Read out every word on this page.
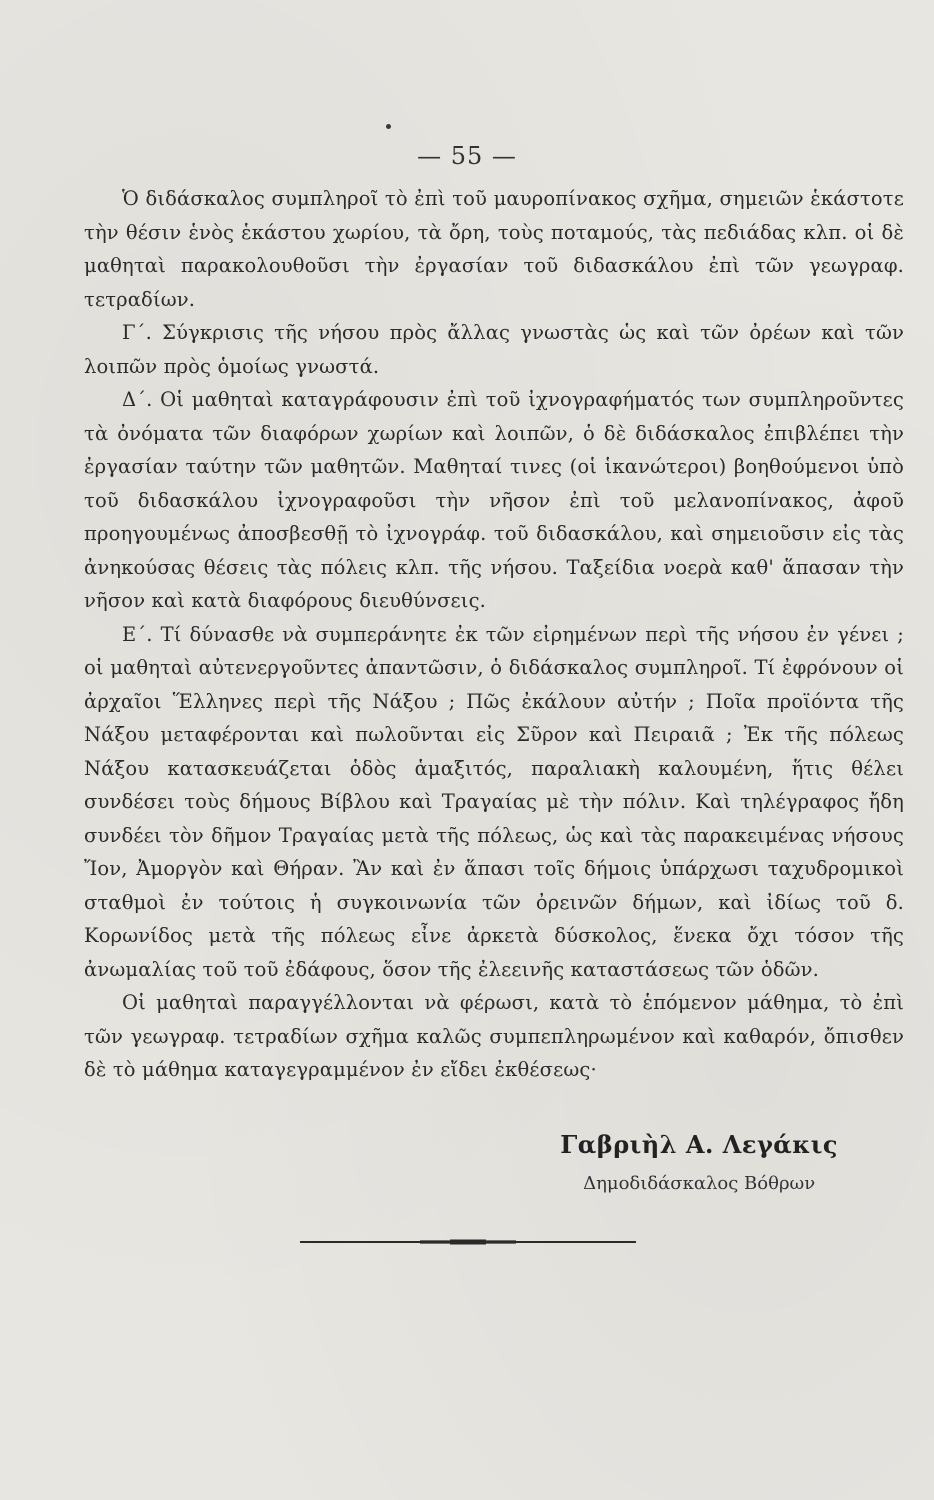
— 55 —

Ὁ διδάσκαλος συμπληροῖ τὸ ἐπὶ τοῦ μαυροπίνακος σχῆμα, σημειῶν ἑκάστοτε τὴν θέσιν ἑνὸς ἑκάστου χωρίου, τὰ ὄρη, τοὺς ποταμούς, τὰς πεδιάδας κλπ. οἱ δὲ μαθηταὶ παρακολουθοῦσι τὴν ἐργασίαν τοῦ διδασκάλου ἐπὶ τῶν γεωγραφ. τετραδίων.

Γ΄. Σύγκρισις τῆς νήσου πρὸς ἄλλας γνωστὰς ὡς καὶ τῶν ὀρέων καὶ τῶν λοιπῶν πρὸς ὁμοίως γνωστά.

Δ΄. Οἱ μαθηταὶ καταγράφουσιν ἐπὶ τοῦ ἰχνογραφήματός των συμπληροῦντες τὰ ὀνόματα τῶν διαφόρων χωρίων καὶ λοιπῶν, ὁ δὲ διδάσκαλος ἐπιβλέπει τὴν ἐργασίαν ταύτην τῶν μαθητῶν. Μαθηταί τινες (οἱ ἱκανώτεροι) βοηθούμενοι ὑπὸ τοῦ διδασκάλου ἰχνογραφοῦσι τὴν νῆσον ἐπὶ τοῦ μελανοπίνακος, ἀφοῦ προηγουμένως ἀποσβεσθῇ τὸ ἰχνογράφ. τοῦ διδασκάλου, καὶ σημειοῦσιν εἰς τὰς ἀνηκούσας θέσεις τὰς πόλεις κλπ. τῆς νήσου. Ταξείδια νοερὰ καθ' ἅπασαν τὴν νῆσον καὶ κατὰ διαφόρους διευθύνσεις.

Ε΄. Τί δύνασθε νὰ συμπεράνητε ἐκ τῶν εἰρημένων περὶ τῆς νήσου ἐν γένει ; οἱ μαθηταὶ αὐτενεργοῦντες ἀπαντῶσιν, ὁ διδάσκαλος συμπληροῖ. Τί ἐφρόνουν οἱ ἀρχαῖοι Ἕλληνες περὶ τῆς Νάξου ; Πῶς ἐκάλουν αὐτήν ; Ποῖα προϊόντα τῆς Νάξου μεταφέρονται καὶ πωλοῦνται εἰς Σῦρον καὶ Πειραιᾶ ; Ἐκ τῆς πόλεως Νάξου κατασκευάζεται ὁδὸς ἁμαξιτός, παραλιακὴ καλουμένη, ἥτις θέλει συνδέσει τοὺς δήμους Βίβλου καὶ Τραγαίας μὲ τὴν πόλιν. Καὶ τηλέγραφος ἤδη συνδέει τὸν δῆμον Τραγαίας μετὰ τῆς πόλεως, ὡς καὶ τὰς παρακειμένας νήσους Ἴον, Ἀμοργὸν καὶ Θήραν. Ἂν καὶ ἐν ἅπασι τοῖς δήμοις ὑπάρχωσι ταχυδρομικοὶ σταθμοὶ ἐν τούτοις ἡ συγκοινωνία τῶν ὀρεινῶν δήμων, καὶ ἰδίως τοῦ δ. Κορωνίδος μετὰ τῆς πόλεως εἶνε ἀρκετὰ δύσκολος, ἕνεκα ὄχι τόσον τῆς ἀνωμαλίας τοῦ τοῦ ἐδάφους, ὅσον τῆς ἐλεεινῆς καταστάσεως τῶν ὁδῶν.

Οἱ μαθηταὶ παραγγέλλονται νὰ φέρωσι, κατὰ τὸ ἑπόμενον μάθημα, τὸ ἐπὶ τῶν γεωγραφ. τετραδίων σχῆμα καλῶς συμπεπληρωμένον καὶ καθαρόν, ὄπισθεν δὲ τὸ μάθημα καταγεγραμμένον ἐν εἴδει ἐκθέσεως·

Γαβριὴλ Α. Λεγάκις
Δημοδιδάσκαλος Βόθρων
